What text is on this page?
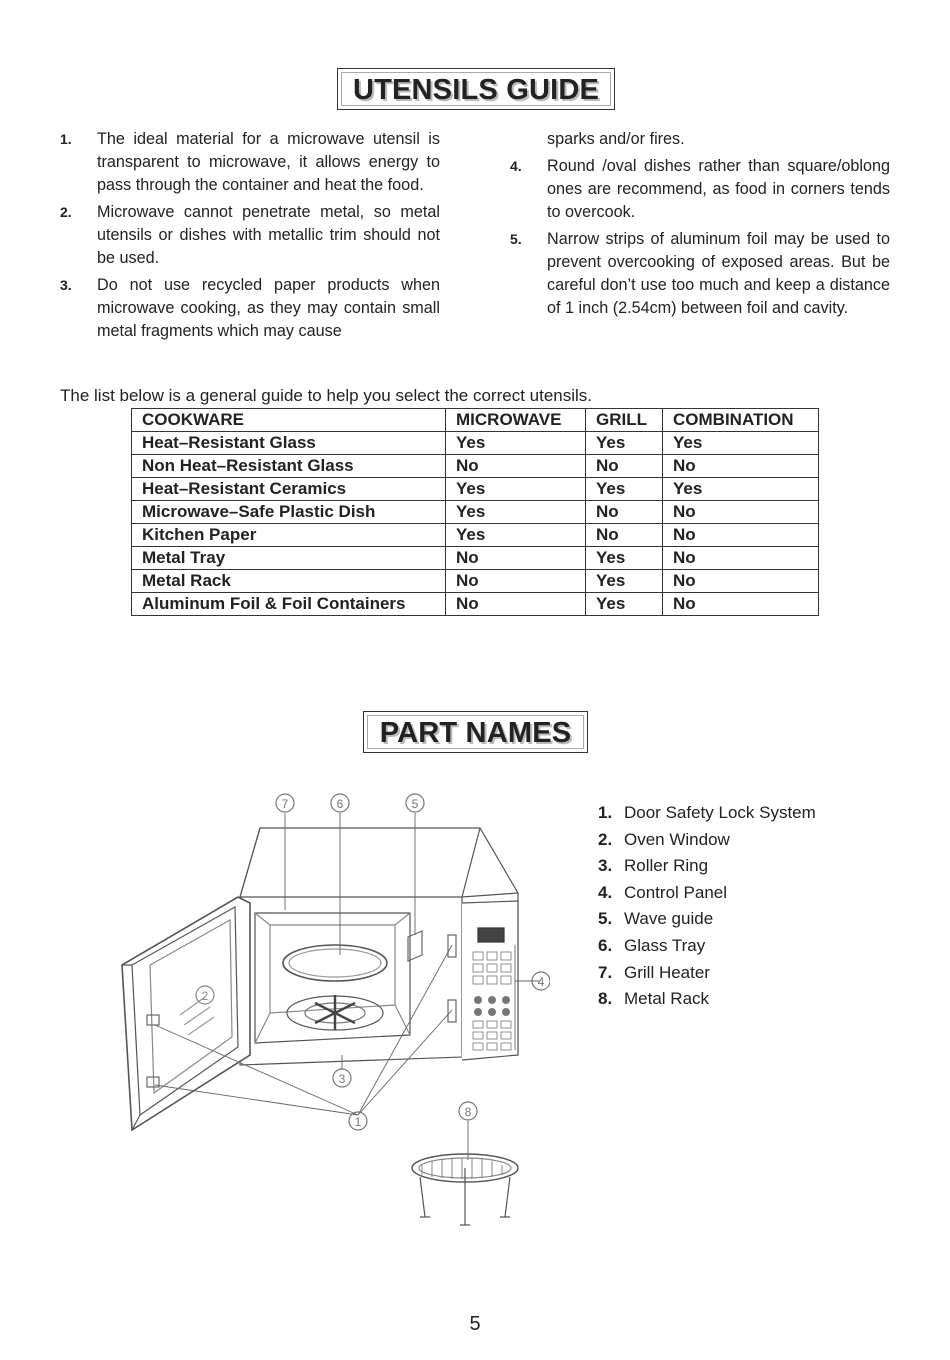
UTENSILS GUIDE
1.	The ideal material for a microwave utensil is transparent to microwave, it allows energy to pass through the container and heat the food.
2.	Microwave cannot penetrate metal, so metal utensils or dishes with metallic trim should not be used.
3.	Do not use recycled paper products when microwave cooking, as they may contain small metal fragments which may cause
sparks and/or fires.
4.	Round /oval dishes rather than square/oblong ones are recommend, as food in corners tends to overcook.
5.	Narrow strips of aluminum foil may be used to prevent overcooking of exposed areas. But be careful don’t use too much and keep a distance of 1 inch (2.54cm) between foil and cavity.
The list below is a general guide to help you select the correct utensils.
COOKWARE	MICROWAVE	GRILL	COMBINATION
Heat–Resistant Glass	Yes	Yes	Yes
Non Heat–Resistant Glass	No	No	No
Heat–Resistant Ceramics	Yes	Yes	Yes
Microwave–Safe Plastic Dish	Yes	No	No
Kitchen Paper	Yes	No	No
Metal Tray	No	Yes	No
Metal Rack	No	Yes	No
Aluminum Foil & Foil Containers	No	Yes	No
PART NAMES
7	6	5
4
2
3
1
8
1. Door Safety Lock System
2. Oven Window
3. Roller Ring
4. Control Panel
5. Wave guide
6. Glass Tray
7. Grill Heater
8. Metal Rack
5
